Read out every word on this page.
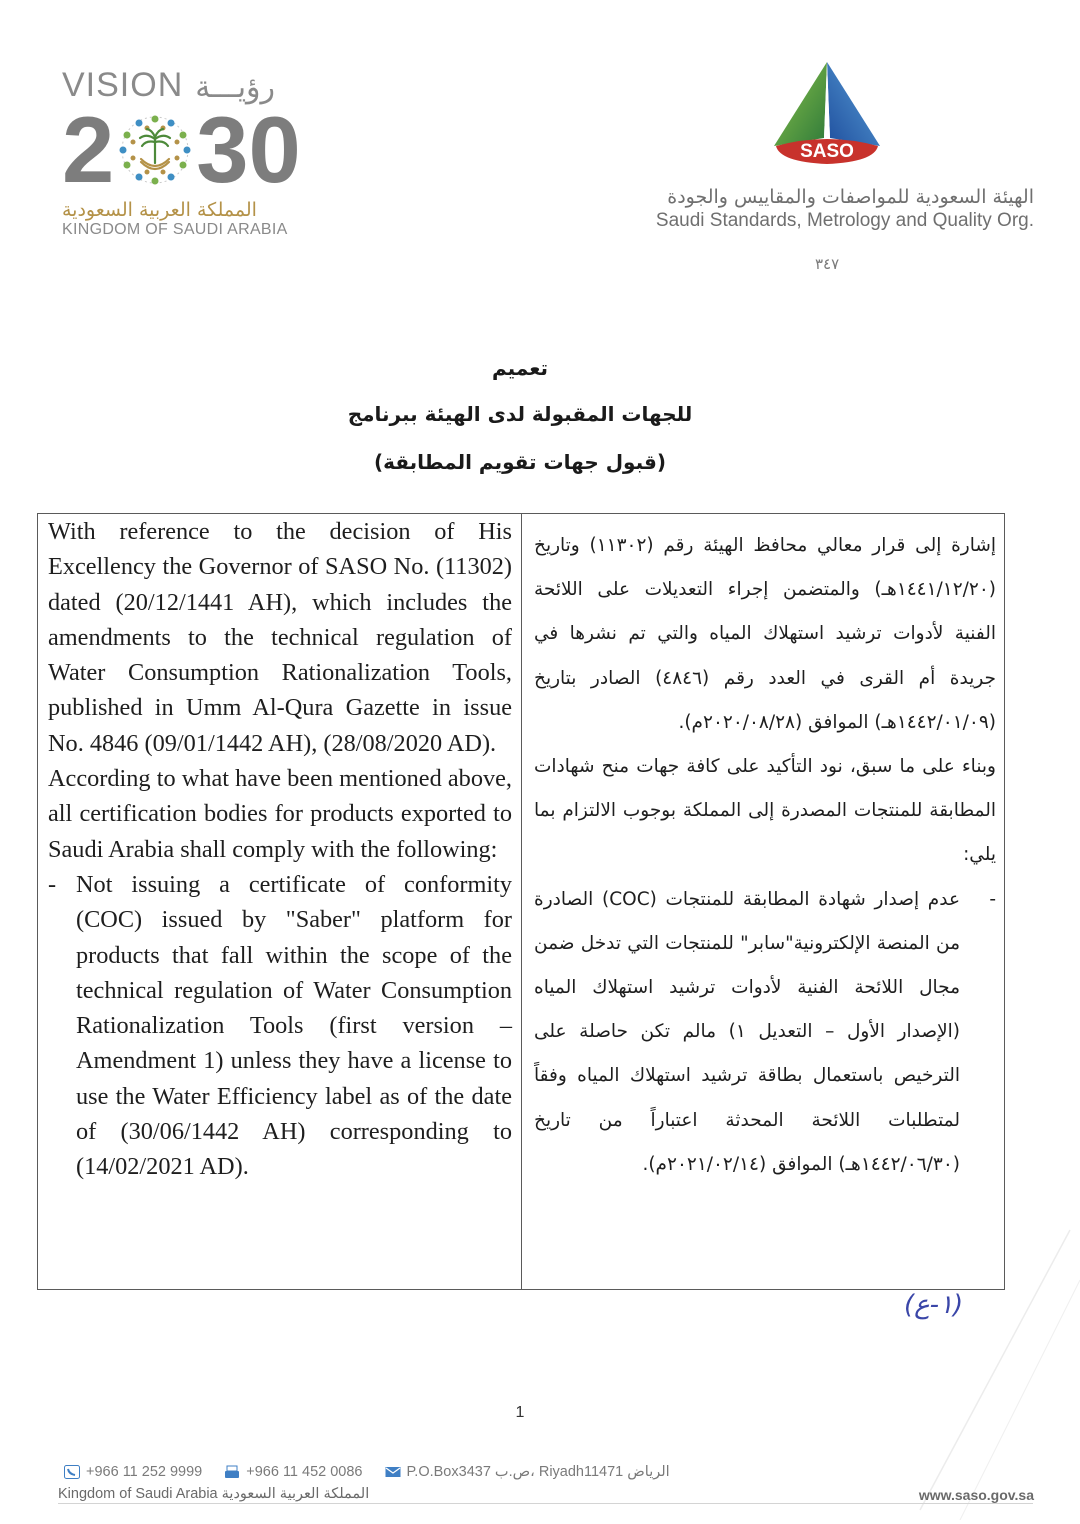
VISION رؤيـــة
2 30
المملكة العربية السعودية
KINGDOM OF SAUDI ARABIA
SASO
الهيئة السعودية للمواصفات والمقاييس والجودة
Saudi Standards, Metrology and Quality Org.
٣٤٧
تعميم
للجهات المقبولة لدى الهيئة ببرنامج
(قبول جهات تقويم المطابقة)

With reference to the decision of His Excellency the Governor of SASO No. (11302) dated (20/12/1441 AH), which includes the amendments to the technical regulation of Water Consumption Rationalization Tools, published in Umm Al-Qura Gazette in issue No. 4846 (09/01/1442 AH), (28/08/2020 AD).

According to what have been mentioned above, all certification bodies for products exported to Saudi Arabia shall comply with the following:

- Not issuing a certificate of conformity (COC) issued by "Saber" platform for products that fall within the scope of the technical regulation of Water Consumption Rationalization Tools (first version – Amendment 1) unless they have a license to use the Water Efficiency label as of the date of (30/06/1442 AH) corresponding to (14/02/2021 AD).

إشارة إلى قرار معالي محافظ الهيئة رقم (١١٣٠٢) وتاريخ (١٤٤١/١٢/٢٠هـ) والمتضمن إجراء التعديلات على اللائحة الفنية لأدوات ترشيد استهلاك المياه والتي تم نشرها في جريدة أم القرى في العدد رقم (٤٨٤٦) الصادر بتاريخ (١٤٤٢/٠١/٠٩هـ) الموافق (٢٠٢٠/٠٨/٢٨م).

وبناء على ما سبق، نود التأكيد على كافة جهات منح شهادات المطابقة للمنتجات المصدرة إلى المملكة بوجوب الالتزام بما يلي:

-

عدم إصدار شهادة المطابقة للمنتجات (COC) الصادرة من المنصة الإلكترونية"سابر" للمنتجات التي تدخل ضمن مجال اللائحة الفنية لأدوات ترشيد استهلاك المياه (الإصدار الأول – التعديل ١) مالم تكن حاصلة على الترخيص باستعمال بطاقة ترشيد استهلاك المياه وفقاً لمتطلبات اللائحة المحدثة اعتباراً من تاريخ (١٤٤٢/٠٦/٣٠هـ) الموافق (٢٠٢١/٠٢/١٤م).

(١-ع)
1
+966 11 252 9999	+966 11 452 0086	P.O.Box3437 ص.ب، Riyadh11471 الرياض
Kingdom of Saudi Arabia المملكة العربية السعودية	www.saso.gov.sa
